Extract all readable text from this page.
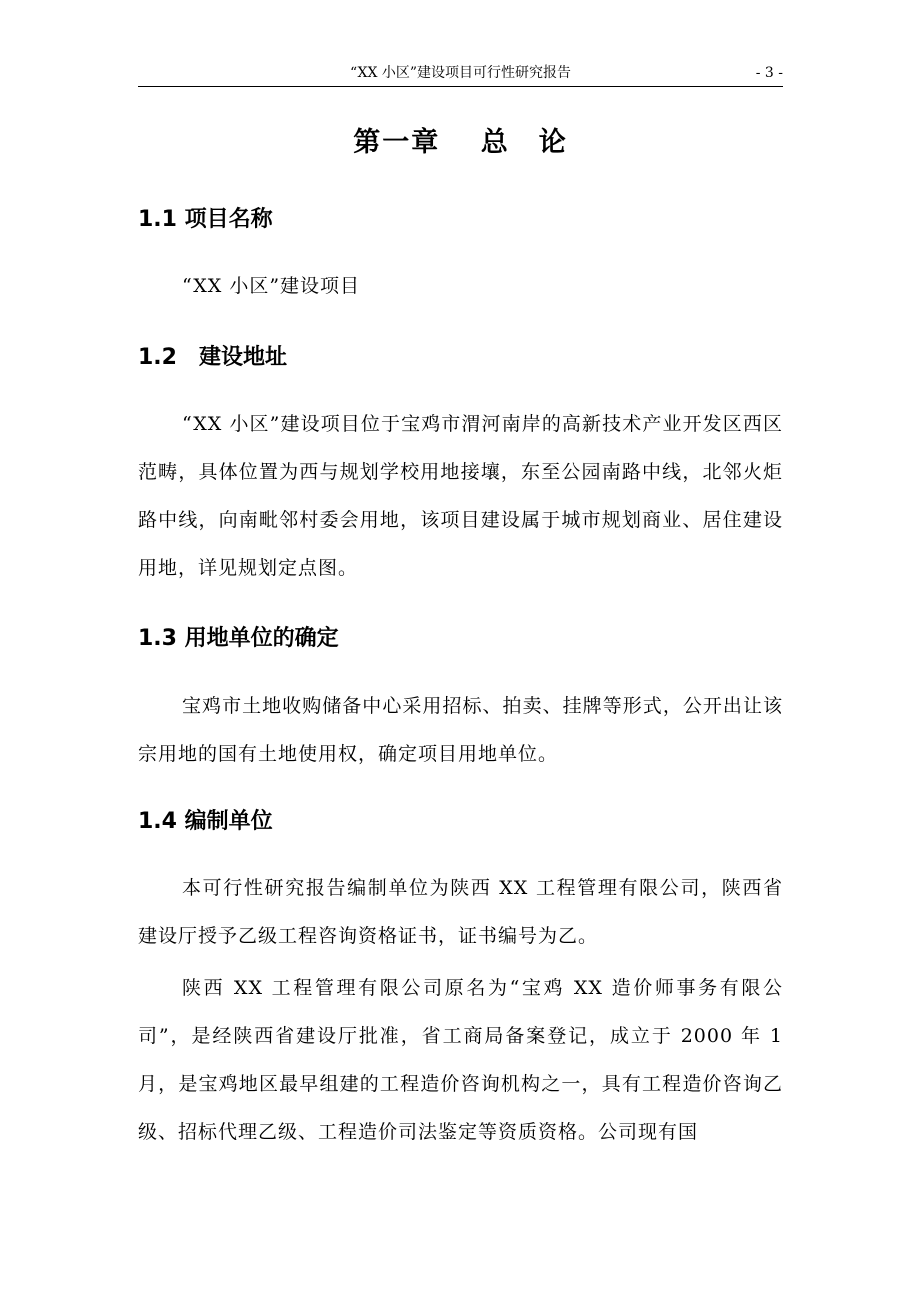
“XX 小区”建设项目可行性研究报告	- 3 -
第一章　 总　论
1.1 项目名称
“XX 小区”建设项目
1.2　建设地址
“XX 小区”建设项目位于宝鸡市渭河南岸的高新技术产业开发区西区范畴，具体位置为西与规划学校用地接壤，东至公园南路中线，北邻火炬路中线，向南毗邻村委会用地，该项目建设属于城市规划商业、居住建设用地，详见规划定点图。
1.3 用地单位的确定
宝鸡市土地收购储备中心采用招标、拍卖、挂牌等形式，公开出让该宗用地的国有土地使用权，确定项目用地单位。
1.4 编制单位
本可行性研究报告编制单位为陕西 XX 工程管理有限公司，陕西省建设厅授予乙级工程咨询资格证书，证书编号为乙。
陕西 XX 工程管理有限公司原名为“宝鸡 XX 造价师事务有限公司”，是经陕西省建设厅批准，省工商局备案登记，成立于 2000 年 1 月，是宝鸡地区最早组建的工程造价咨询机构之一，具有工程造价咨询乙级、招标代理乙级、工程造价司法鉴定等资质资格。公司现有国
